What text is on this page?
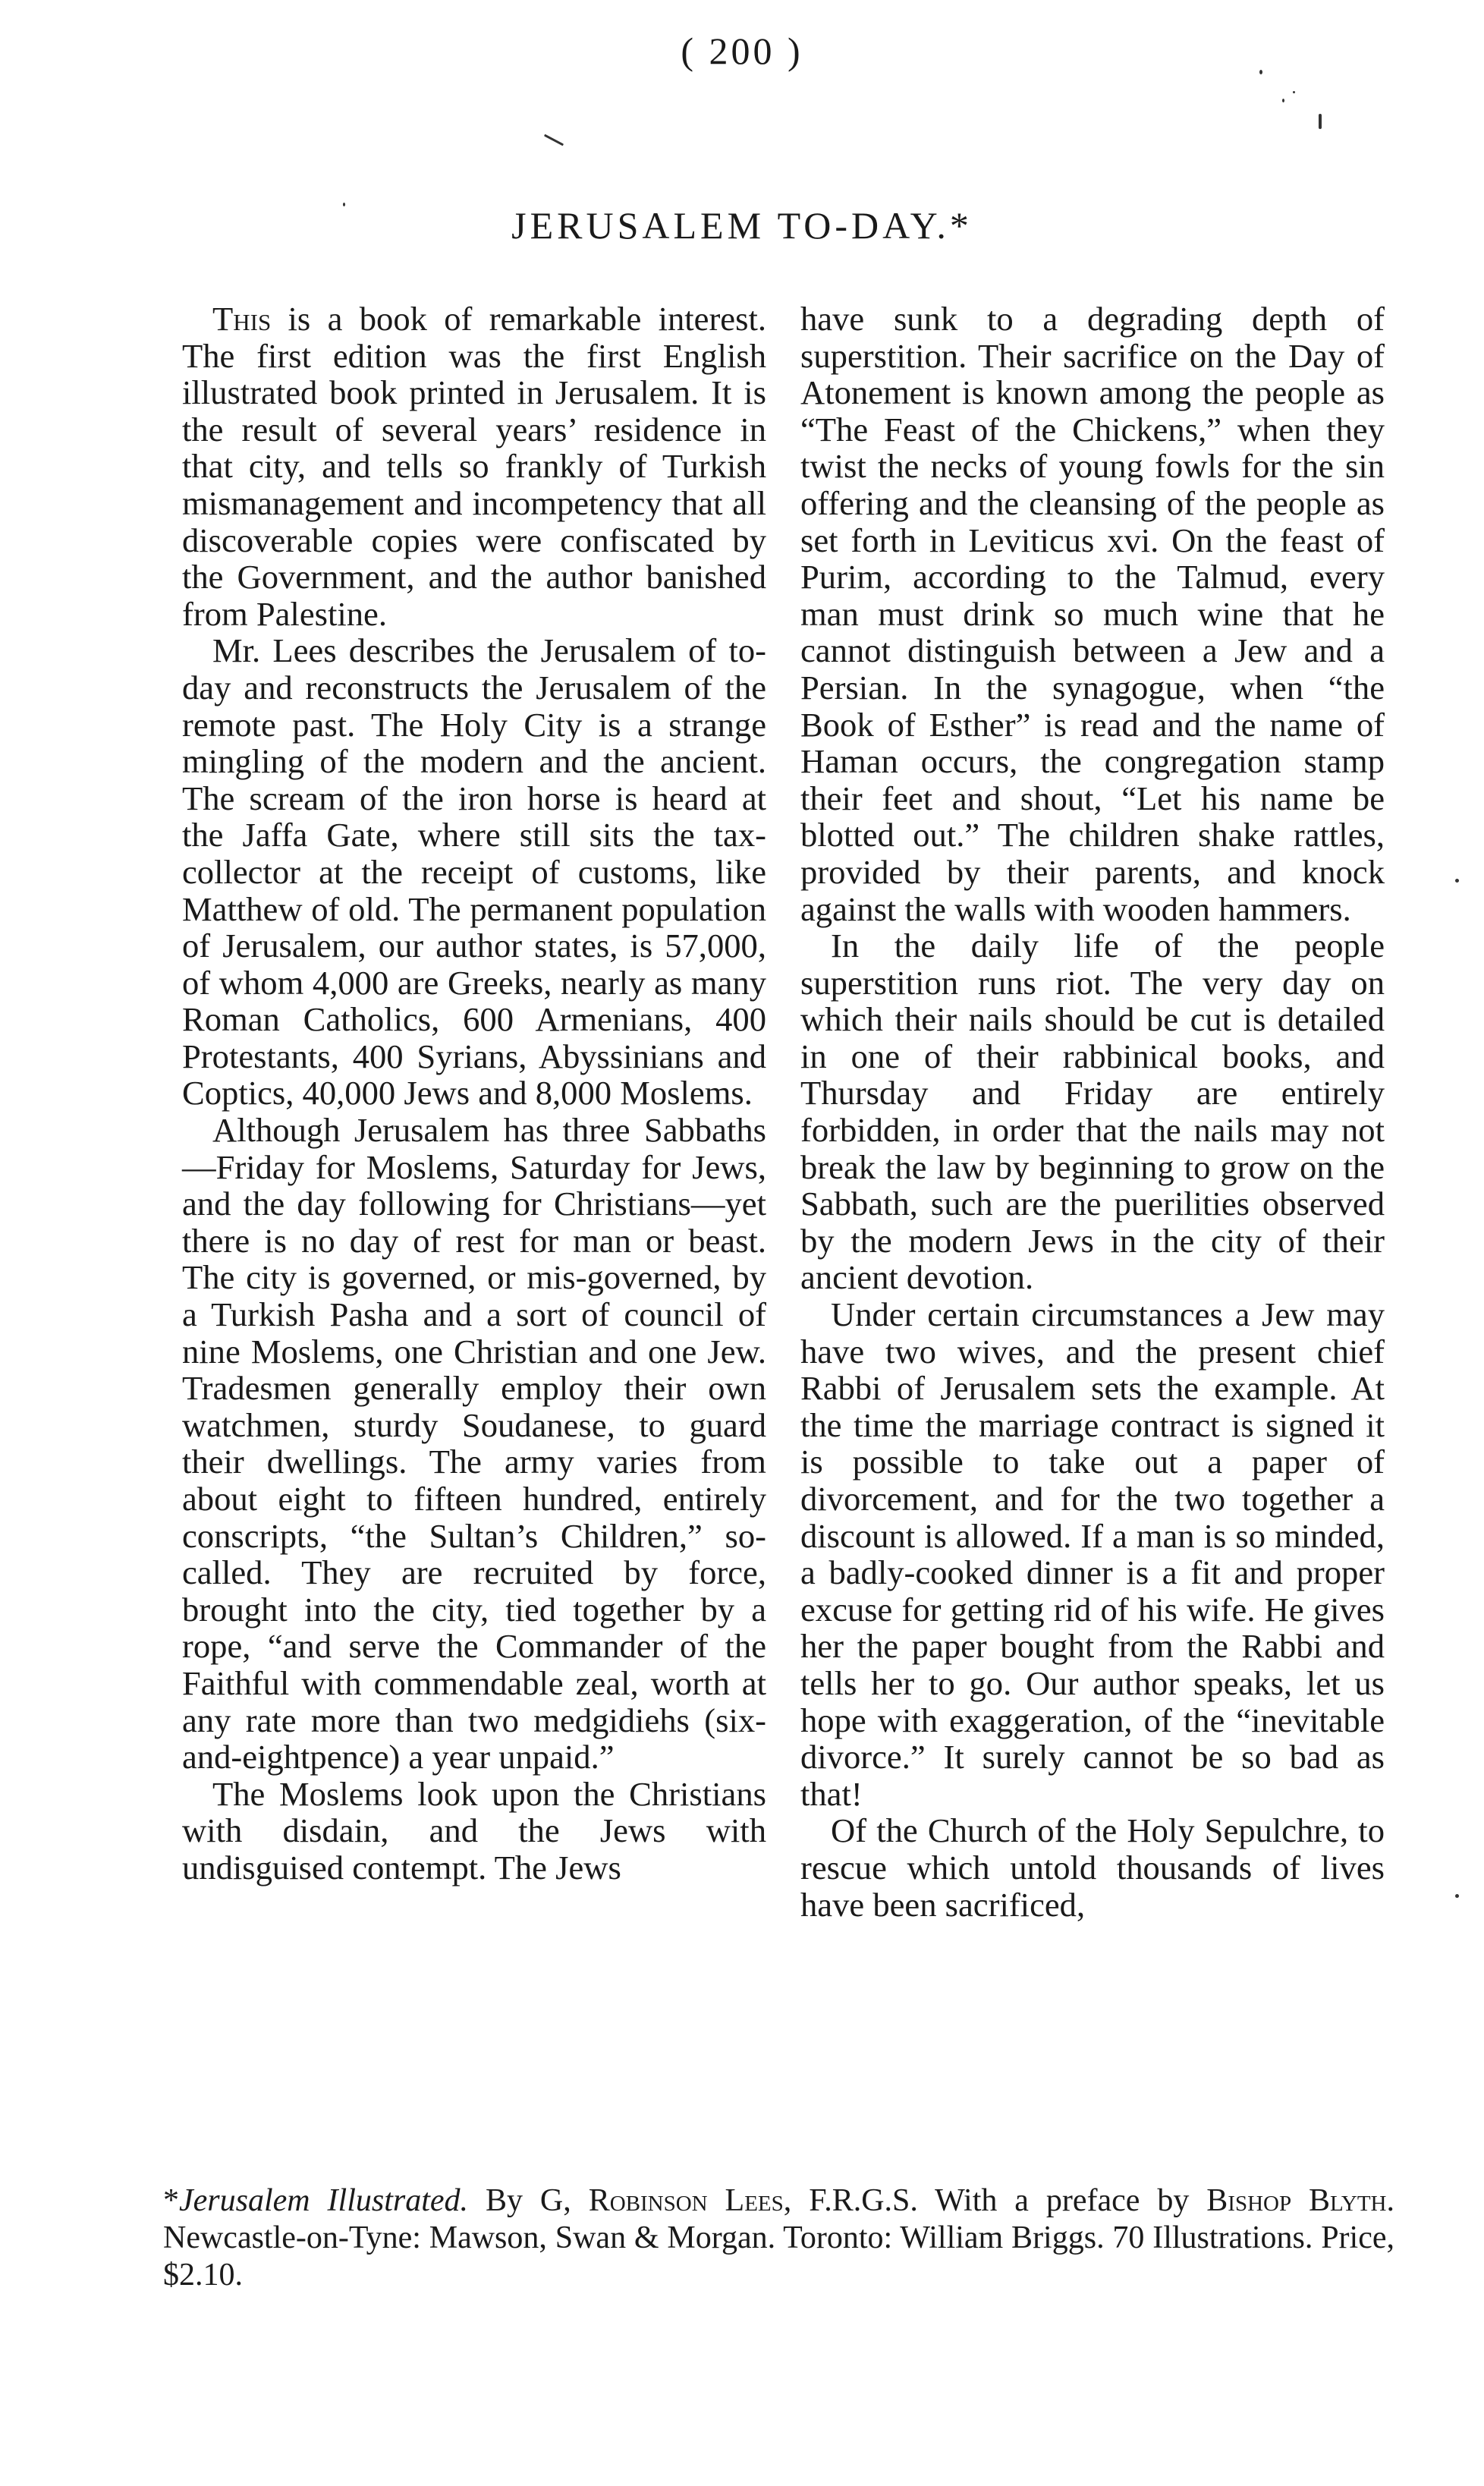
( 200 )
JERUSALEM TO-DAY.*

This is a book of remarkable interest. The first edition was the first English illustrated book printed in Jerusalem. It is the result of several years’ residence in that city, and tells so frankly of Turkish mismanagement and incompetency that all discoverable copies were confiscated by the Government, and the author banished from Palestine.

Mr. Lees describes the Jerusalem of to-day and reconstructs the Jerusalem of the remote past. The Holy City is a strange mingling of the modern and the ancient. The scream of the iron horse is heard at the Jaffa Gate, where still sits the tax-collector at the receipt of customs, like Matthew of old. The permanent population of Jerusalem, our author states, is 57,000, of whom 4,000 are Greeks, nearly as many Roman Catholics, 600 Armenians, 400 Protestants, 400 Syrians, Abyssinians and Coptics, 40,000 Jews and 8,000 Moslems.

Although Jerusalem has three Sabbaths—Friday for Moslems, Saturday for Jews, and the day following for Christians—yet there is no day of rest for man or beast. The city is governed, or mis-governed, by a Turkish Pasha and a sort of council of nine Moslems, one Christian and one Jew. Tradesmen generally employ their own watchmen, sturdy Soudanese, to guard their dwellings. The army varies from about eight to fifteen hundred, entirely conscripts, “the Sultan’s Children,” so-called. They are recruited by force, brought into the city, tied together by a rope, “and serve the Commander of the Faithful with commendable zeal, worth at any rate more than two medgidiehs (six-and-eightpence) a year unpaid.”

The Moslems look upon the Christians with disdain, and the Jews with undisguised contempt. The Jews

have sunk to a degrading depth of superstition. Their sacrifice on the Day of Atonement is known among the people as “The Feast of the Chickens,” when they twist the necks of young fowls for the sin offering and the cleansing of the people as set forth in Leviticus xvi. On the feast of Purim, according to the Talmud, every man must drink so much wine that he cannot distinguish between a Jew and a Persian. In the synagogue, when “the Book of Esther” is read and the name of Haman occurs, the congregation stamp their feet and shout, “Let his name be blotted out.” The children shake rattles, provided by their parents, and knock against the walls with wooden hammers.

In the daily life of the people superstition runs riot. The very day on which their nails should be cut is detailed in one of their rabbinical books, and Thursday and Friday are entirely forbidden, in order that the nails may not break the law by beginning to grow on the Sabbath, such are the puerilities observed by the modern Jews in the city of their ancient devotion.

Under certain circumstances a Jew may have two wives, and the present chief Rabbi of Jerusalem sets the example. At the time the marriage contract is signed it is possible to take out a paper of divorcement, and for the two together a discount is allowed. If a man is so minded, a badly-cooked dinner is a fit and proper excuse for getting rid of his wife. He gives her the paper bought from the Rabbi and tells her to go. Our author speaks, let us hope with exaggeration, of the “inevitable divorce.” It surely cannot be so bad as that!

Of the Church of the Holy Sepulchre, to rescue which untold thousands of lives have been sacrificed,

*Jerusalem Illustrated. By G, Robinson Lees, F.R.G.S. With a preface by Bishop Blyth. Newcastle-on-Tyne: Mawson, Swan & Morgan. Toronto: William Briggs. 70 Illustrations. Price, $2.10.
